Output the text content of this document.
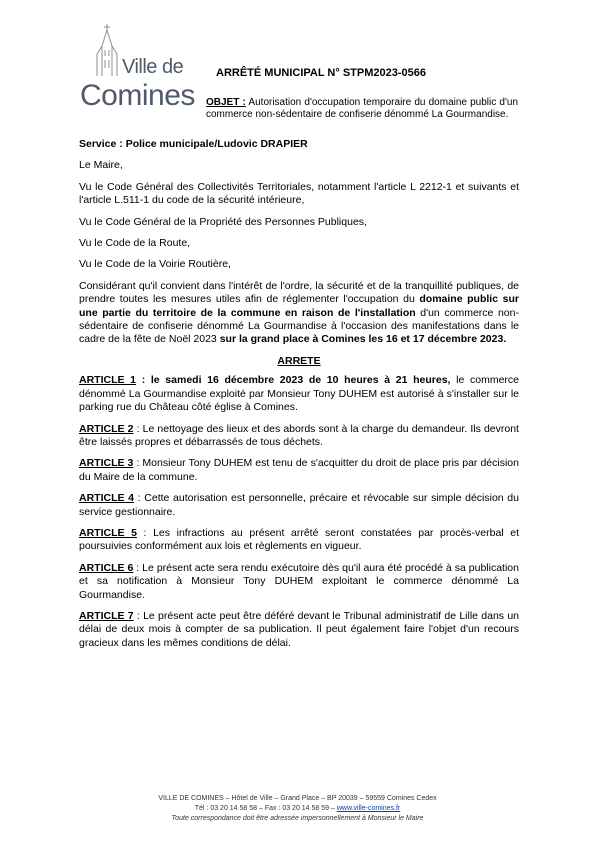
Ville de
Comines
ARRÊTÉ MUNICIPAL N° STPM2023-0566
OBJET : Autorisation d'occupation temporaire du domaine public d'un commerce non-sédentaire de confiserie dénommé La Gourmandise.

Service : Police municipale/Ludovic DRAPIER

Le Maire,

Vu le Code Général des Collectivités Territoriales, notamment l'article L 2212-1 et suivants et l'article L.511-1 du code de la sécurité intérieure,

Vu le Code Général de la Propriété des Personnes Publiques,

Vu le Code de la Route,

Vu le Code de la Voirie Routière,

Considérant qu'il convient dans l'intérêt de l'ordre, la sécurité et de la tranquillité publiques, de prendre toutes les mesures utiles afin de réglementer l'occupation du domaine public sur une partie du territoire de la commune en raison de l'installation d'un commerce non-sédentaire de confiserie dénommé La Gourmandise à l'occasion des manifestations dans le cadre de la fête de Noël 2023 sur la grand place à Comines les 16 et 17 décembre 2023.

ARRETE

ARTICLE 1 : le samedi 16 décembre 2023 de 10 heures à 21 heures, le commerce dénommé La Gourmandise exploité par Monsieur Tony DUHEM est autorisé à s'installer sur le parking rue du Château côté église à Comines.

ARTICLE 2 : Le nettoyage des lieux et des abords sont à la charge du demandeur. Ils devront être laissés propres et débarrassés de tous déchets.

ARTICLE 3 : Monsieur Tony DUHEM est tenu de s'acquitter du droit de place pris par décision du Maire de la commune.

ARTICLE 4 : Cette autorisation est personnelle, précaire et révocable sur simple décision du service gestionnaire.

ARTICLE 5 : Les infractions au présent arrêté seront constatées par procès-verbal et poursuivies conformément aux lois et règlements en vigueur.

ARTICLE 6 : Le présent acte sera rendu exécutoire dès qu'il aura été procédé à sa publication et sa notification à Monsieur Tony DUHEM exploitant le commerce dénommé La Gourmandise.

ARTICLE 7 : Le présent acte peut être déféré devant le Tribunal administratif de Lille dans un délai de deux mois à compter de sa publication. Il peut également faire l'objet d'un recours gracieux dans les mêmes conditions de délai.

VILLE DE COMINES – Hôtel de Ville – Grand Place – BP 20039 – 59559 Comines Cedex
Tél : 03 20 14 58 58 – Fax : 03 20 14 58 59 – www.ville-comines.fr
Toute correspondance doit être adressée impersonnellement à Monsieur le Maire
